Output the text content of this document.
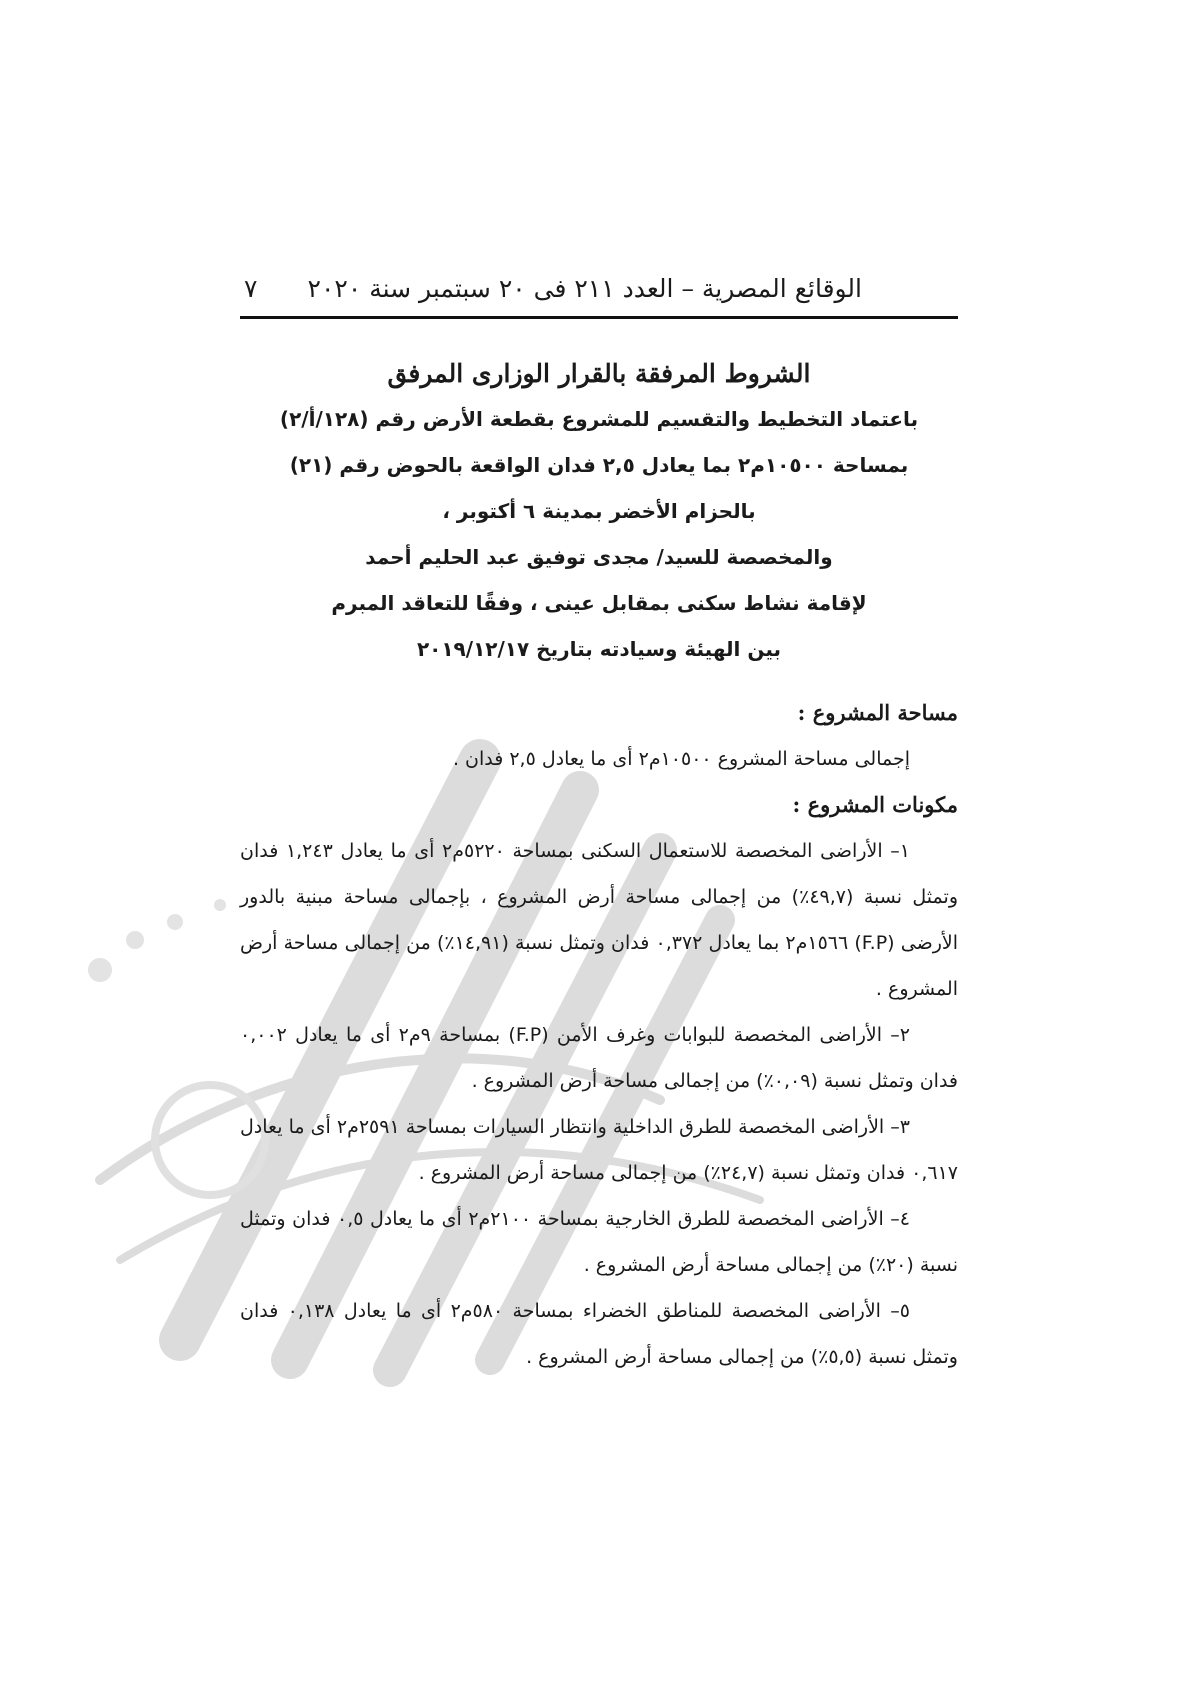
الوقائع المصرية – العدد ٢١١ فى ٢٠ سبتمبر سنة ٢٠٢٠
٧
الشروط المرفقة بالقرار الوزارى المرفق
باعتماد التخطيط والتقسيم للمشروع بقطعة الأرض رقم (١٢٨/أ/٢)
بمساحة ١٠٥٠٠م٢ بما يعادل ٢,٥ فدان الواقعة بالحوض رقم (٢١)
بالحزام الأخضر بمدينة ٦ أكتوبر ،
والمخصصة للسيد/ مجدى توفيق عبد الحليم أحمد
لإقامة نشاط سكنى بمقابل عينى ، وفقًا للتعاقد المبرم
بين الهيئة وسيادته بتاريخ ٢٠١٩/١٢/١٧

مساحة المشروع :

إجمالى مساحة المشروع ١٠٥٠٠م٢ أى ما يعادل ٢,٥ فدان .

مكونات المشروع :

١– الأراضى المخصصة للاستعمال السكنى بمساحة ٥٢٢٠م٢ أى ما يعادل ١,٢٤٣ فدان وتمثل نسبة (٤٩,٧٪) من إجمالى مساحة أرض المشروع ، بإجمالى مساحة مبنية بالدور الأرضى (F.P) ١٥٦٦م٢ بما يعادل ٠,٣٧٢ فدان وتمثل نسبة (١٤,٩١٪) من إجمالى مساحة أرض المشروع .

٢– الأراضى المخصصة للبوابات وغرف الأمن (F.P) بمساحة ٩م٢ أى ما يعادل ٠,٠٠٢ فدان وتمثل نسبة (٠,٠٩٪) من إجمالى مساحة أرض المشروع .

٣– الأراضى المخصصة للطرق الداخلية وانتظار السيارات بمساحة ٢٥٩١م٢ أى ما يعادل ٠,٦١٧ فدان وتمثل نسبة (٢٤,٧٪) من إجمالى مساحة أرض المشروع .

٤– الأراضى المخصصة للطرق الخارجية بمساحة ٢١٠٠م٢ أى ما يعادل ٠,٥ فدان وتمثل نسبة (٢٠٪) من إجمالى مساحة أرض المشروع .

٥– الأراضى المخصصة للمناطق الخضراء بمساحة ٥٨٠م٢ أى ما يعادل ٠,١٣٨ فدان وتمثل نسبة (٥,٥٪) من إجمالى مساحة أرض المشروع .
